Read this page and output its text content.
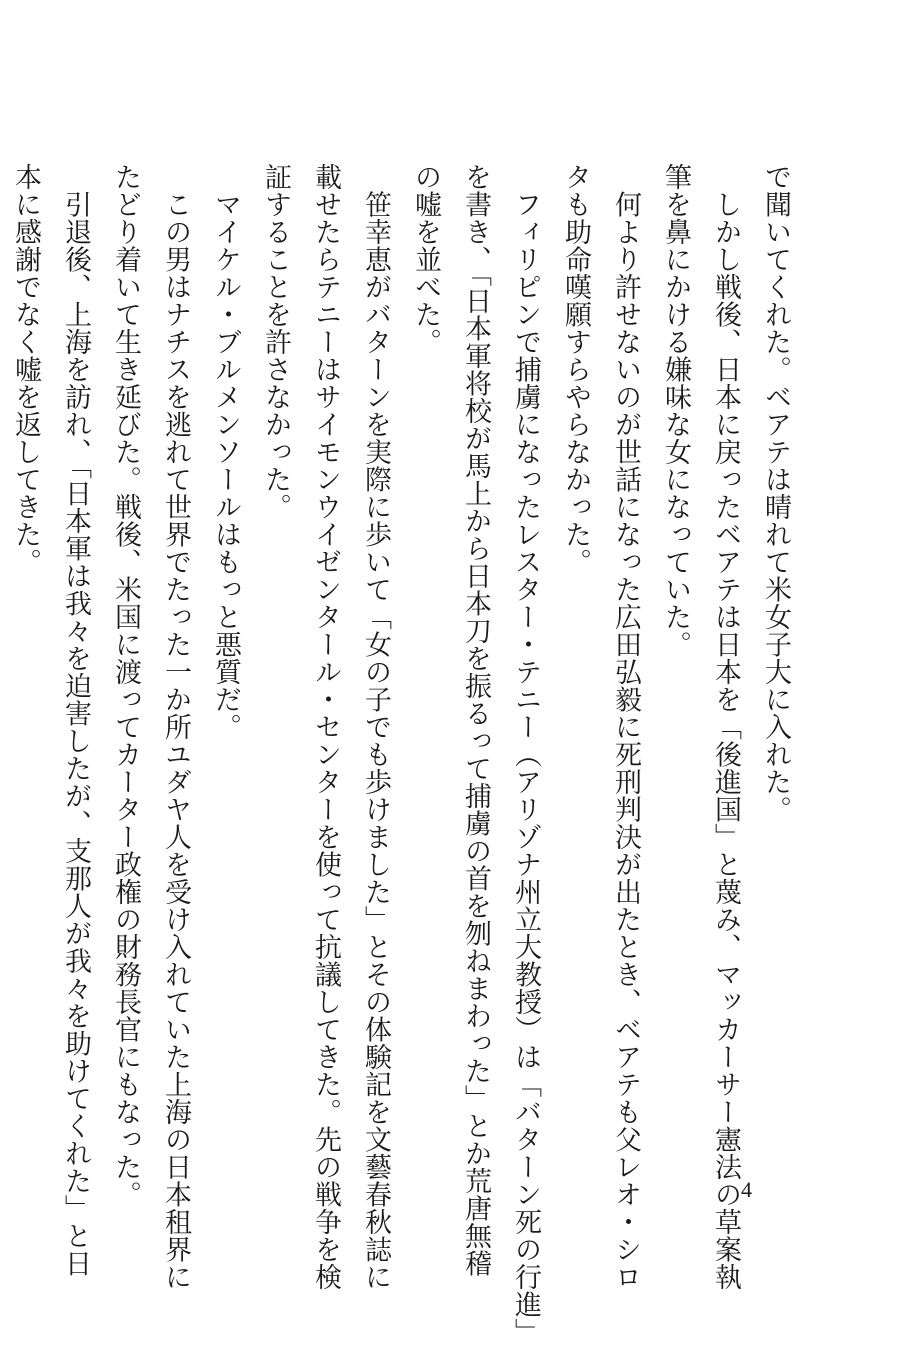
で聞いてくれた。ベアテは晴れて米女子大に入れた。
　しかし戦後、日本に戻ったベアテは日本を「後進国」と蔑み、マッカーサー憲法の草案執
筆を鼻にかける嫌味な女になっていた。
　何より許せないのが世話になった広田弘毅に死刑判決が出たとき、ベアテも父レオ・シロ
タも助命嘆願すらやらなかった。
　フィリピンで捕虜になったレスター・テニー（アリゾナ州立大教授）は「バターン死の行進」
を書き、「日本軍将校が馬上から日本刀を振るって捕虜の首を刎ねまわった」とか荒唐無稽
の嘘を並べた。
　笹幸恵がバターンを実際に歩いて「女の子でも歩けました」とその体験記を文藝春秋誌に
載せたらテニーはサイモンウイゼンタール・センターを使って抗議してきた。先の戦争を検
証することを許さなかった。
　マイケル・ブルメンソールはもっと悪質だ。
　この男はナチスを逃れて世界でたった一か所ユダヤ人を受け入れていた上海の日本租界に
たどり着いて生き延びた。戦後、米国に渡ってカーター政権の財務長官にもなった。
　引退後、上海を訪れ、「日本軍は我々を迫害したが、支那人が我々を助けてくれた」と日
本に感謝でなく嘘を返してきた。
4
